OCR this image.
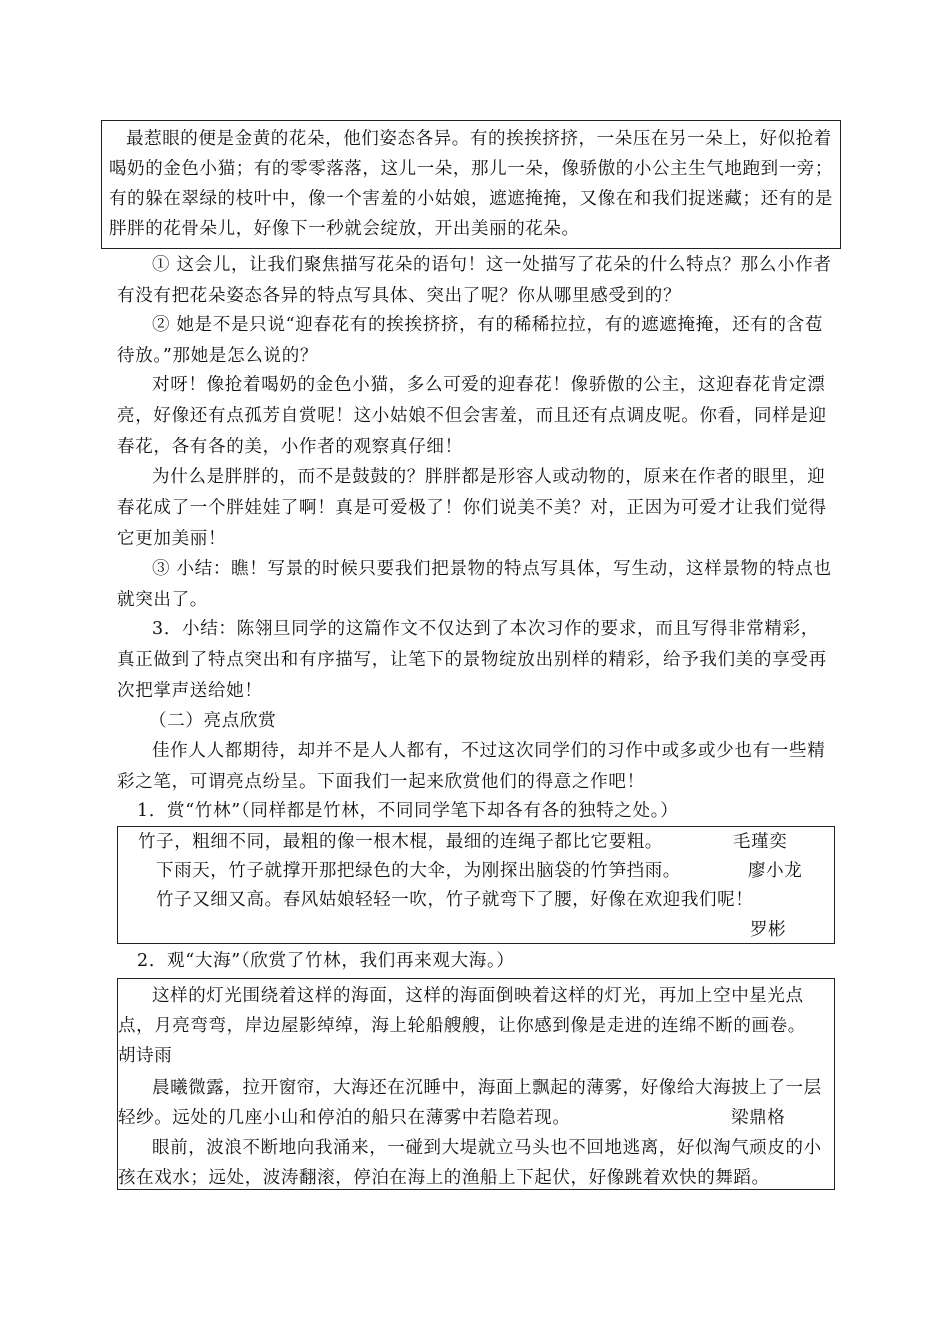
最惹眼的便是金黄的花朵，他们姿态各异。有的挨挨挤挤，一朵压在另一朵上，好似抢着喝奶的金色小猫；有的零零落落，这儿一朵，那儿一朵，像骄傲的小公主生气地跑到一旁；有的躲在翠绿的枝叶中，像一个害羞的小姑娘，遮遮掩掩，又像在和我们捉迷藏；还有的是胖胖的花骨朵儿，好像下一秒就会绽放，开出美丽的花朵。

① 这会儿，让我们聚焦描写花朵的语句！这一处描写了花朵的什么特点？那么小作者有没有把花朵姿态各异的特点写具体、突出了呢？你从哪里感受到的？

② 她是不是只说“迎春花有的挨挨挤挤，有的稀稀拉拉，有的遮遮掩掩，还有的含苞待放。”那她是怎么说的？

对呀！像抢着喝奶的金色小猫，多么可爱的迎春花！像骄傲的公主，这迎春花肯定漂亮，好像还有点孤芳自赏呢！这小姑娘不但会害羞，而且还有点调皮呢。你看，同样是迎春花，各有各的美，小作者的观察真仔细！

为什么是胖胖的，而不是鼓鼓的？胖胖都是形容人或动物的，原来在作者的眼里，迎春花成了一个胖娃娃了啊！真是可爱极了！你们说美不美？对，正因为可爱才让我们觉得它更加美丽！

③ 小结：瞧！写景的时候只要我们把景物的特点写具体，写生动，这样景物的特点也就突出了。

3．小结：陈翎旦同学的这篇作文不仅达到了本次习作的要求，而且写得非常精彩，真正做到了特点突出和有序描写，让笔下的景物绽放出别样的精彩，给予我们美的享受再次把掌声送给她！

（二）亮点欣赏

佳作人人都期待，却并不是人人都有，不过这次同学们的习作中或多或少也有一些精彩之笔，可谓亮点纷呈。下面我们一起来欣赏他们的得意之作吧！

1．赏“竹林”（同样都是竹林，不同同学笔下却各有各的独特之处。）

竹子，粗细不同，最粗的像一根木棍，最细的连绳子都比它要粗。	毛瑾奕
下雨天，竹子就撑开那把绿色的大伞，为刚探出脑袋的竹笋挡雨。	廖小龙
竹子又细又高。春风姑娘轻轻一吹，竹子就弯下了腰，好像在欢迎我们呢！
罗彬

2．观“大海”（欣赏了竹林，我们再来观大海。）

这样的灯光围绕着这样的海面，这样的海面倒映着这样的灯光，再加上空中星光点点，月亮弯弯，岸边屋影绰绰，海上轮船艘艘，让你感到像是走进的连绵不断的画卷。

胡诗雨

晨曦微露，拉开窗帘，大海还在沉睡中，海面上飘起的薄雾，好像给大海披上了一层轻纱。远处的几座小山和停泊的船只在薄雾中若隐若现。	梁鼎格

眼前，波浪不断地向我涌来，一碰到大堤就立马头也不回地逃离，好似淘气顽皮的小孩在戏水；远处，波涛翻滚，停泊在海上的渔船上下起伏，好像跳着欢快的舞蹈。
